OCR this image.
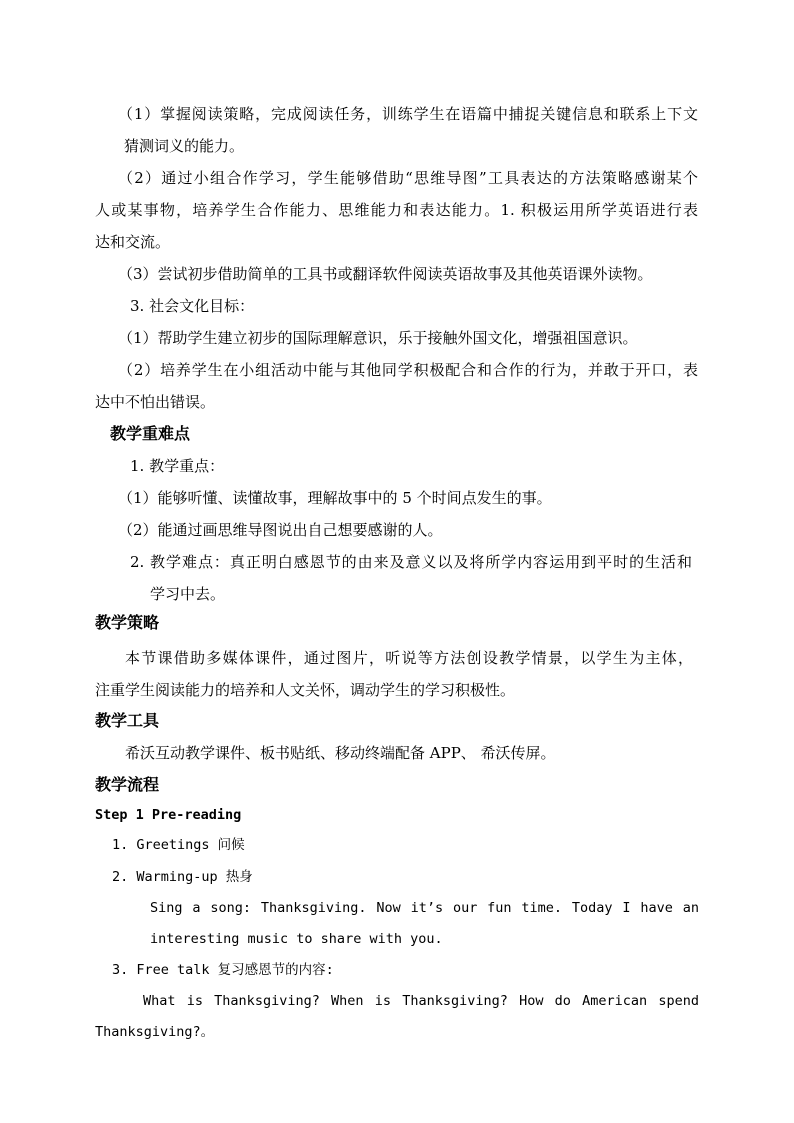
（1）掌握阅读策略，完成阅读任务，训练学生在语篇中捕捉关键信息和联系上下文
猜测词义的能力。
（2）通过小组合作学习，学生能够借助“思维导图”工具表达的方法策略感谢某个
人或某事物，培养学生合作能力、思维能力和表达能力。1. 积极运用所学英语进行表
达和交流。
（3）尝试初步借助简单的工具书或翻译软件阅读英语故事及其他英语课外读物。
3. 社会文化目标：
（1）帮助学生建立初步的国际理解意识，乐于接触外国文化，增强祖国意识。
（2）培养学生在小组活动中能与其他同学积极配合和合作的行为，并敢于开口，表
达中不怕出错误。
教学重难点
1. 教学重点：
（1）能够听懂、读懂故事，理解故事中的 5 个时间点发生的事。
（2）能通过画思维导图说出自己想要感谢的人。
2. 教学难点：真正明白感恩节的由来及意义以及将所学内容运用到平时的生活和
学习中去。
教学策略
本节课借助多媒体课件，通过图片，听说等方法创设教学情景，以学生为主体，
注重学生阅读能力的培养和人文关怀，调动学生的学习积极性。
教学工具
希沃互动教学课件、板书贴纸、移动终端配备 APP、 希沃传屏。
教学流程
Step 1 Pre-reading
1. Greetings 问候
2. Warming-up 热身
Sing a song: Thanksgiving. Now it’s our fun time. Today I have an
interesting music to share with you.
3. Free talk 复习感恩节的内容:
What is Thanksgiving? When is Thanksgiving? How do American spend
Thanksgiving?。
